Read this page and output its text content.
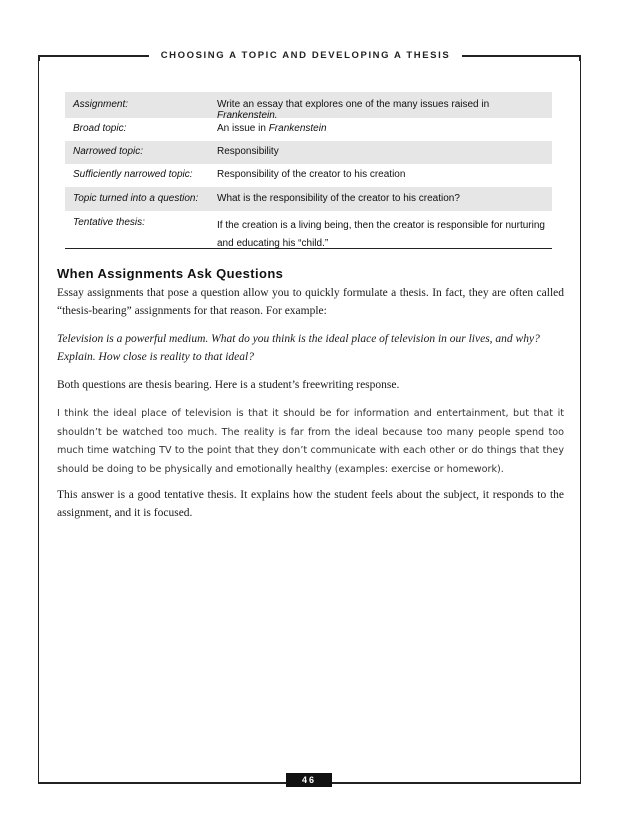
CHOOSING A TOPIC AND DEVELOPING A THESIS
Assignment:	Write an essay that explores one of the many issues raised in Frankenstein.
Broad topic:	An issue in Frankenstein
Narrowed topic:	Responsibility
Sufficiently narrowed topic:	Responsibility of the creator to his creation
Topic turned into a question:	What is the responsibility of the creator to his creation?
Tentative thesis:	If the creation is a living being, then the creator is responsible for nurturing and educating his “child.”
When Assignments Ask Questions
Essay assignments that pose a question allow you to quickly formulate a thesis. In fact, they are often called “thesis-bearing” assignments for that reason. For example:
Television is a powerful medium. What do you think is the ideal place of television in our lives, and why? Explain. How close is reality to that ideal?
Both questions are thesis bearing. Here is a student’s freewriting response.
I think the ideal place of television is that it should be for information and entertainment, but that it shouldn’t be watched too much. The reality is far from the ideal because too many people spend too much time watching TV to the point that they don’t communicate with each other or do things that they should be doing to be physically and emotionally healthy (examples: exercise or homework).
This answer is a good tentative thesis. It explains how the student feels about the subject, it responds to the assignment, and it is focused.
46
